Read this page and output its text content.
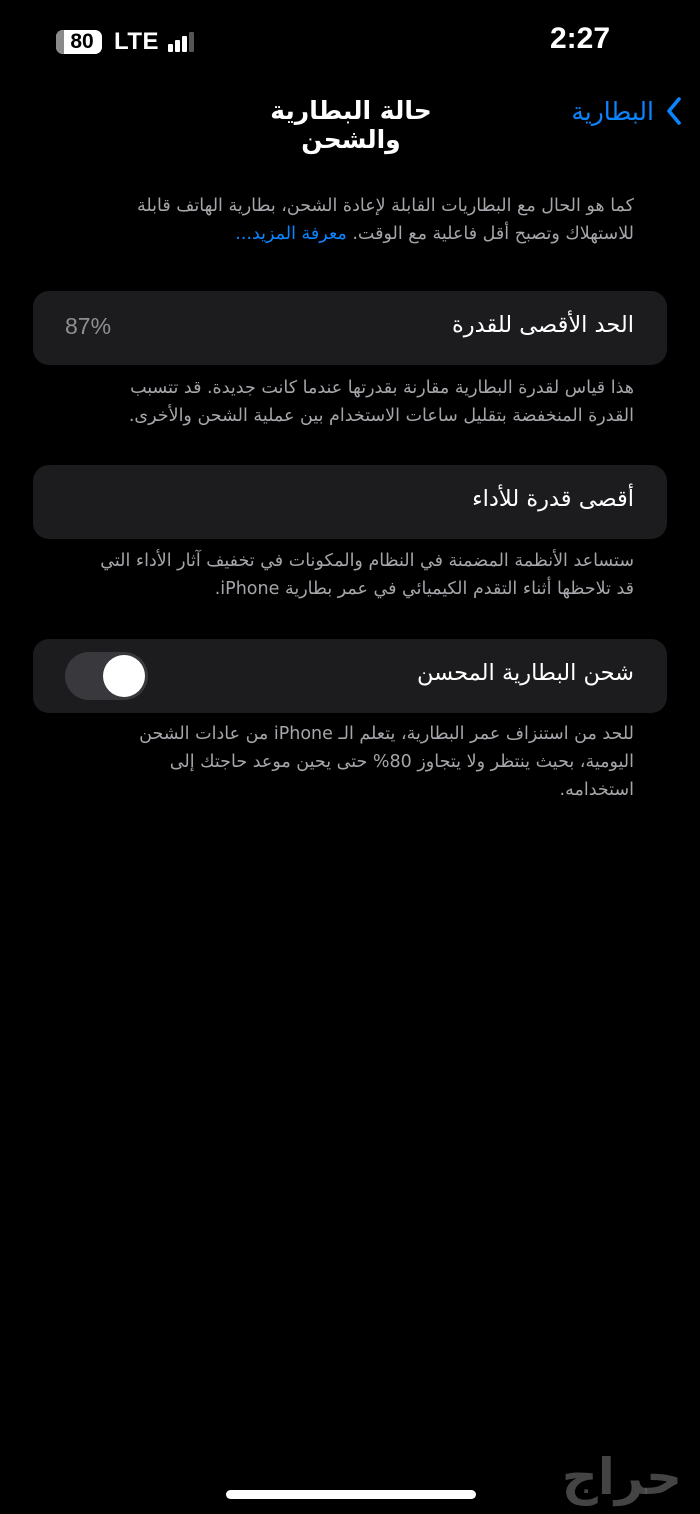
80 LTE	2:27
البطارية
حالة البطارية والشحن
كما هو الحال مع البطاريات القابلة لإعادة الشحن، بطارية الهاتف قابلة للاستهلاك وتصبح أقل فاعلية مع الوقت. معرفة المزيد...
الحد الأقصى للقدرة
87%
هذا قياس لقدرة البطارية مقارنة بقدرتها عندما كانت جديدة. قد تتسبب القدرة المنخفضة بتقليل ساعات الاستخدام بين عملية الشحن والأخرى.
أقصى قدرة للأداء
ستساعد الأنظمة المضمنة في النظام والمكونات في تخفيف آثار الأداء التي قد تلاحظها أثناء التقدم الكيميائي في عمر بطارية iPhone.
شحن البطارية المحسن
للحد من استنزاف عمر البطارية، يتعلم الـ iPhone من عادات الشحن اليومية، بحيث ينتظر ولا يتجاوز 80% حتى يحين موعد حاجتك إلى استخدامه.
حراج
